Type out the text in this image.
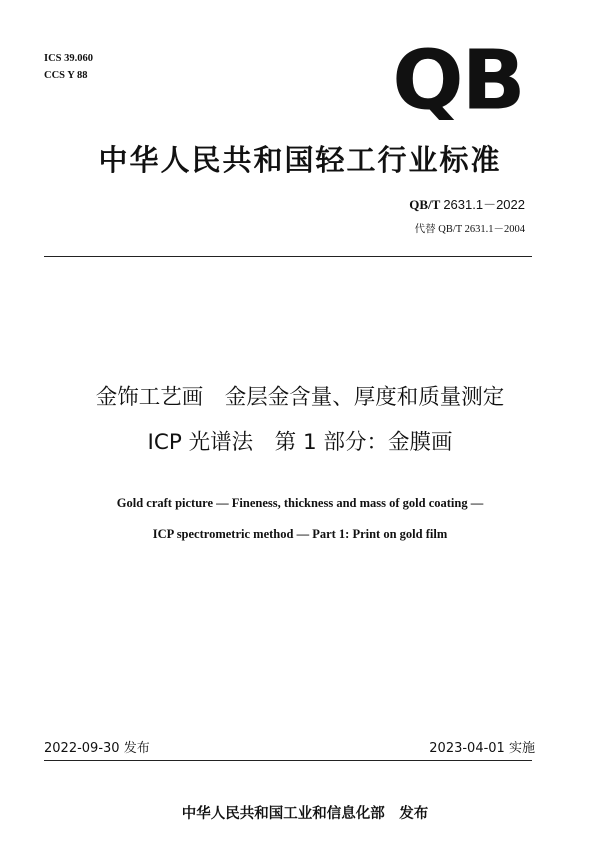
ICS 39.060
CCS Y 88	QB
中华人民共和国轻工行业标准
QB/T 2631.1－2022
代替 QB/T 2631.1－2004
金饰工艺画　金层金含量、厚度和质量测定
ICP 光谱法　第 1 部分：金膜画
Gold craft picture — Fineness, thickness and mass of gold coating —
ICP spectrometric method — Part 1: Print on gold film
2022-09-30 发布	2023-04-01 实施

中华人民共和国工业和信息化部　 发布
